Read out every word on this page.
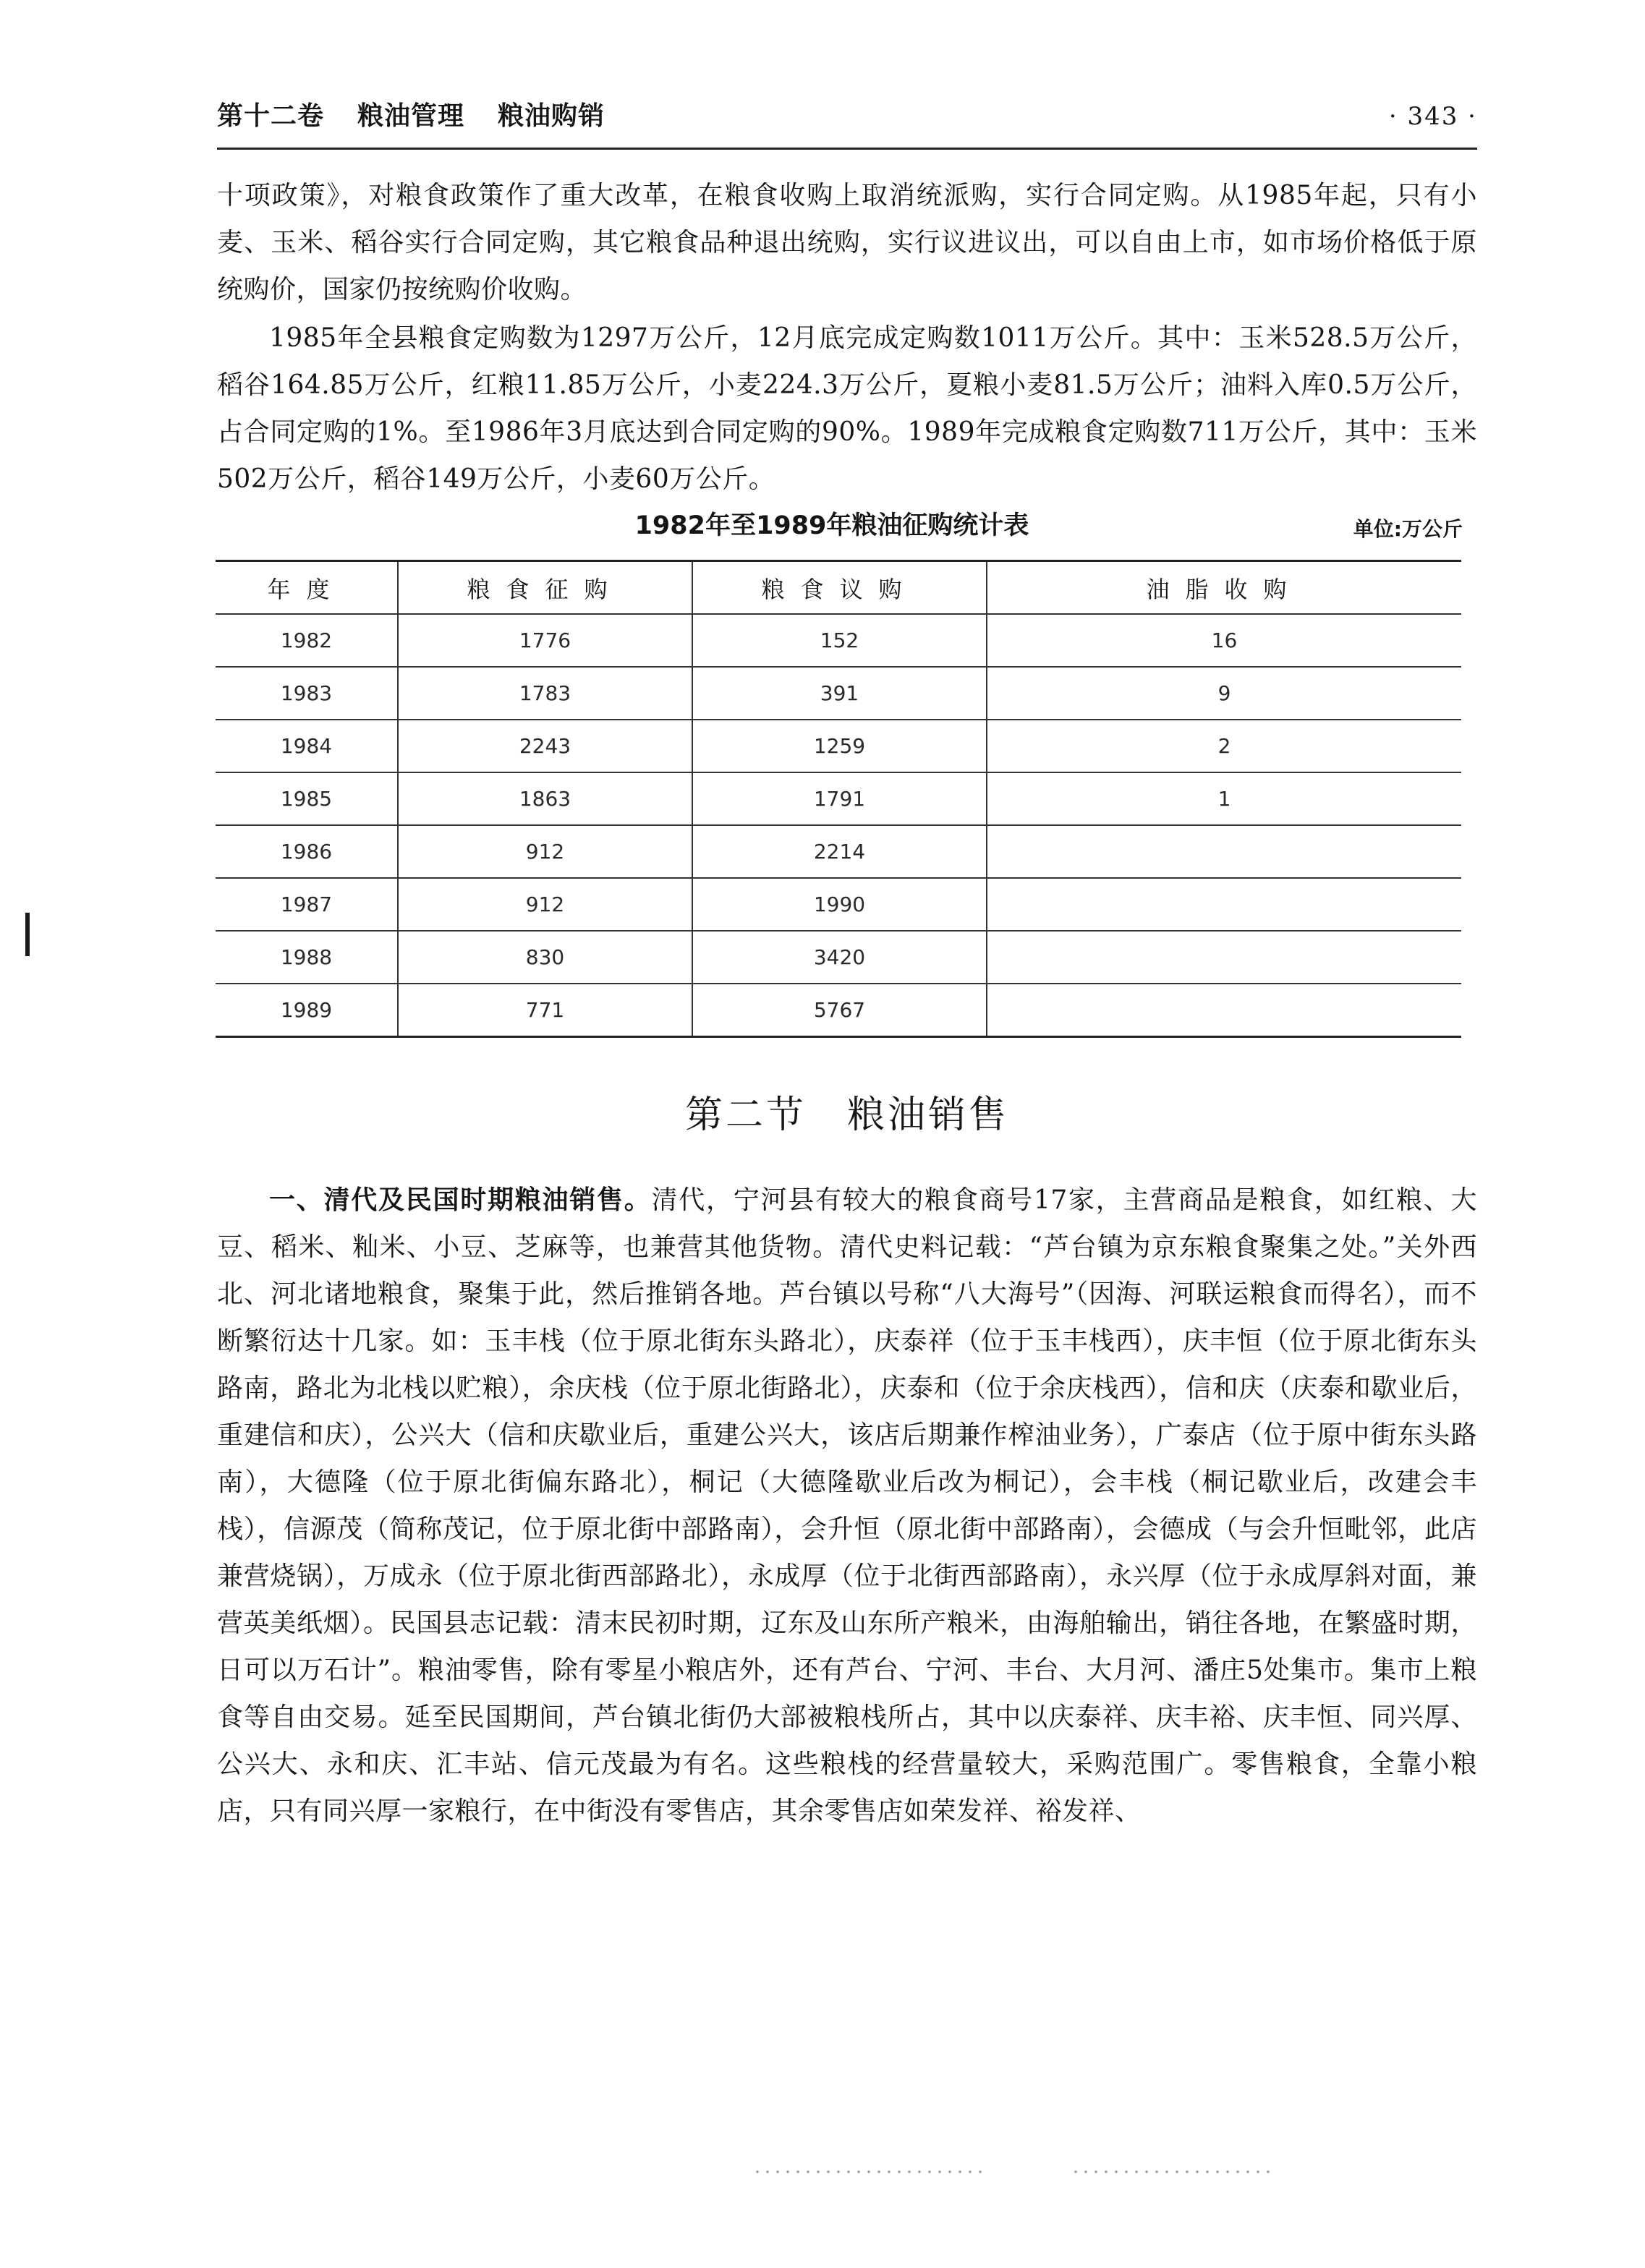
第十二卷 粮油管理 粮油购销	· 343 ·

十项政策》，对粮食政策作了重大改革，在粮食收购上取消统派购，实行合同定购。从1985年起，只有小麦、玉米、稻谷实行合同定购，其它粮食品种退出统购，实行议进议出，可以自由上市，如市场价格低于原统购价，国家仍按统购价收购。

1985年全县粮食定购数为1297万公斤，12月底完成定购数1011万公斤。其中：玉米528.5万公斤，稻谷164.85万公斤，红粮11.85万公斤，小麦224.3万公斤，夏粮小麦81.5万公斤；油料入库0.5万公斤，占合同定购的1%。至1986年3月底达到合同定购的90%。1989年完成粮食定购数711万公斤，其中：玉米502万公斤，稻谷149万公斤，小麦60万公斤。

1982年至1989年粮油征购统计表	单位:万公斤
年度	粮食征购	粮食议购	油脂收购
1982	1776	152	16
1983	1783	391	9
1984	2243	1259	2
1985	1863	1791	1
1986	912	2214	
1987	912	1990	
1988	830	3420	
1989	771	5767	
第二节 粮油销售

一、清代及民国时期粮油销售。清代，宁河县有较大的粮食商号17家，主营商品是粮食，如红粮、大豆、稻米、籼米、小豆、芝麻等，也兼营其他货物。清代史料记载：“芦台镇为京东粮食聚集之处。”关外西北、河北诸地粮食，聚集于此，然后推销各地。芦台镇以号称“八大海号”（因海、河联运粮食而得名），而不断繁衍达十几家。如：玉丰栈（位于原北街东头路北），庆泰祥（位于玉丰栈西），庆丰恒（位于原北街东头路南，路北为北栈以贮粮），余庆栈（位于原北街路北），庆泰和（位于余庆栈西），信和庆（庆泰和歇业后，重建信和庆），公兴大（信和庆歇业后，重建公兴大，该店后期兼作榨油业务），广泰店（位于原中街东头路南），大德隆（位于原北街偏东路北），桐记（大德隆歇业后改为桐记），会丰栈（桐记歇业后，改建会丰栈），信源茂（简称茂记，位于原北街中部路南），会升恒（原北街中部路南），会德成（与会升恒毗邻，此店兼营烧锅），万成永（位于原北街西部路北），永成厚（位于北街西部路南），永兴厚（位于永成厚斜对面，兼营英美纸烟）。民国县志记载：清末民初时期，辽东及山东所产粮米，由海舶输出，销往各地，在繁盛时期，日可以万石计”。粮油零售，除有零星小粮店外，还有芦台、宁河、丰台、大月河、潘庄5处集市。集市上粮食等自由交易。延至民国期间，芦台镇北街仍大部被粮栈所占，其中以庆泰祥、庆丰裕、庆丰恒、同兴厚、公兴大、永和庆、汇丰站、信元茂最为有名。这些粮栈的经营量较大，采购范围广。零售粮食，全靠小粮店，只有同兴厚一家粮行，在中街没有零售店，其余零售店如荣发祥、裕发祥、
